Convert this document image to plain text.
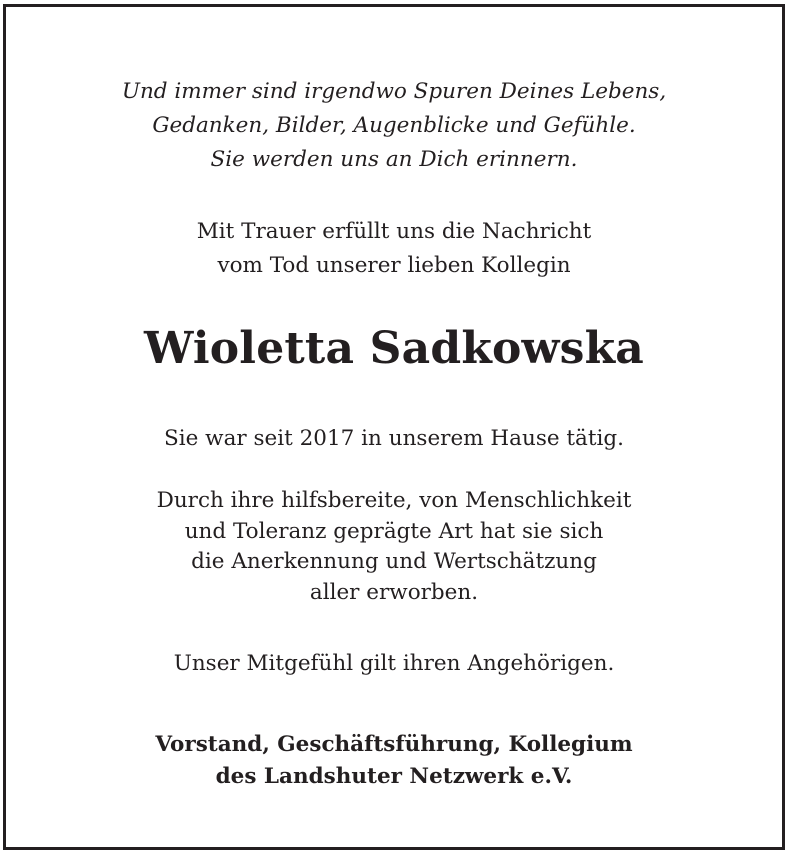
Und immer sind irgendwo Spuren Deines Lebens,
Gedanken, Bilder, Augenblicke und Gefühle.
Sie werden uns an Dich erinnern.
Mit Trauer erfüllt uns die Nachricht
vom Tod unserer lieben Kollegin
Wioletta Sadkowska
Sie war seit 2017 in unserem Hause tätig.
Durch ihre hilfsbereite, von Menschlichkeit
und Toleranz geprägte Art hat sie sich
die Anerkennung und Wertschätzung
aller erworben.
Unser Mitgefühl gilt ihren Angehörigen.
Vorstand, Geschäftsführung, Kollegium
des Landshuter Netzwerk e.V.
